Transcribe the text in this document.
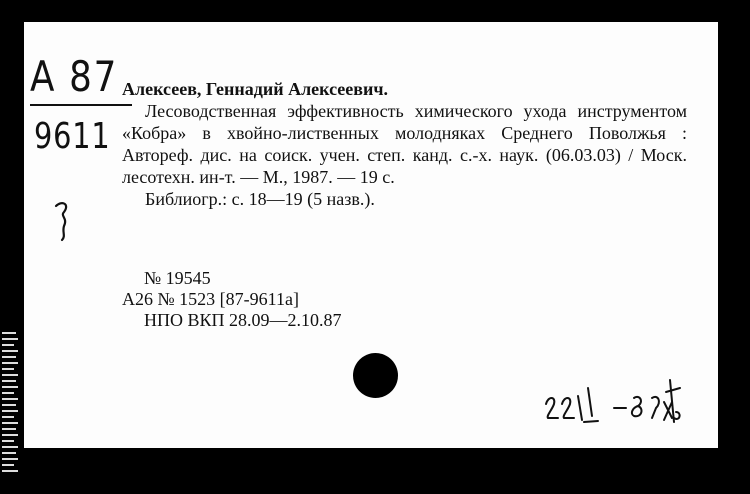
A 87
9611
Алексеев, Геннадий Алексеевич.
Лесоводственная эффективность химического ухода инструментом «Кобра» в хвойно-лиственных молодняках Среднего Поволжья : Автореф. дис. на соиск. учен. степ. канд. с.-х. наук. (06.03.03) / Моск. лесотехн. ин-т. — М., 1987. — 19 с.
Библиогр.: с. 18—19 (5 назв.).
№ 19545
А26 № 1523 [87-9611а]
НПО ВКП 28.09—2.10.87
